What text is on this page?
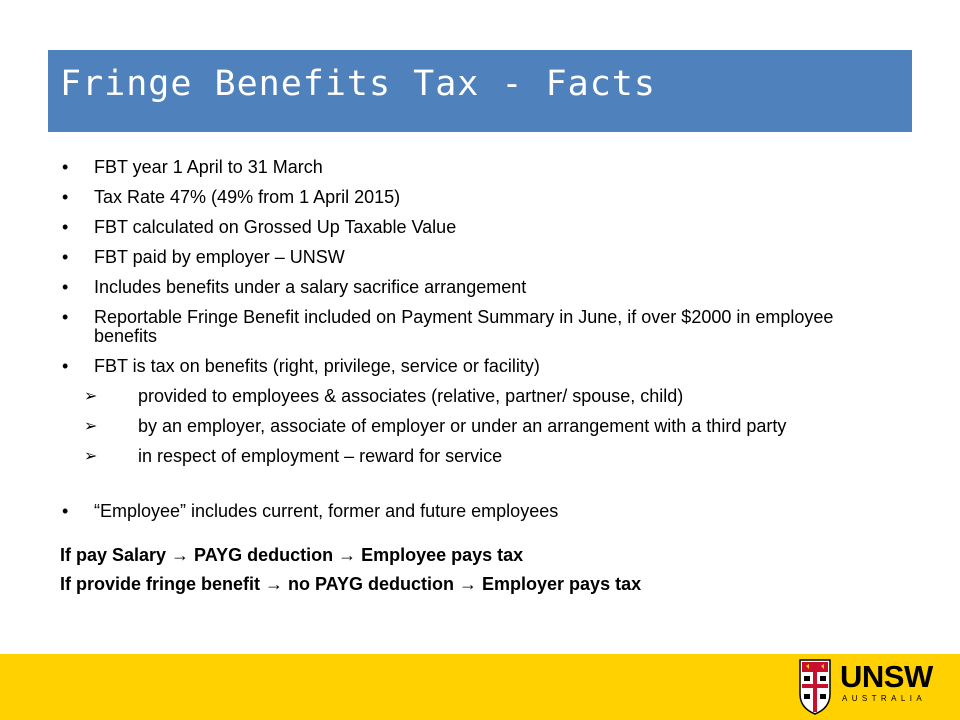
Fringe Benefits Tax - Facts
• FBT year 1 April to 31 March
• Tax Rate 47% (49% from 1 April 2015)
• FBT calculated on Grossed Up Taxable Value
• FBT paid by employer – UNSW
• Includes benefits under a salary sacrifice arrangement
• Reportable Fringe Benefit included on Payment Summary in June, if over $2000 in employee benefits
• FBT is tax on benefits (right, privilege, service or facility)
➢ provided to employees & associates (relative, partner/ spouse, child)
➢ by an employer, associate of employer or under an arrangement with a third party
➢ in respect of employment – reward for service
• “Employee” includes current, former and future employees
If pay Salary → PAYG deduction → Employee pays tax
If provide fringe benefit → no PAYG deduction → Employer pays tax
UNSW
AUSTRALIA
